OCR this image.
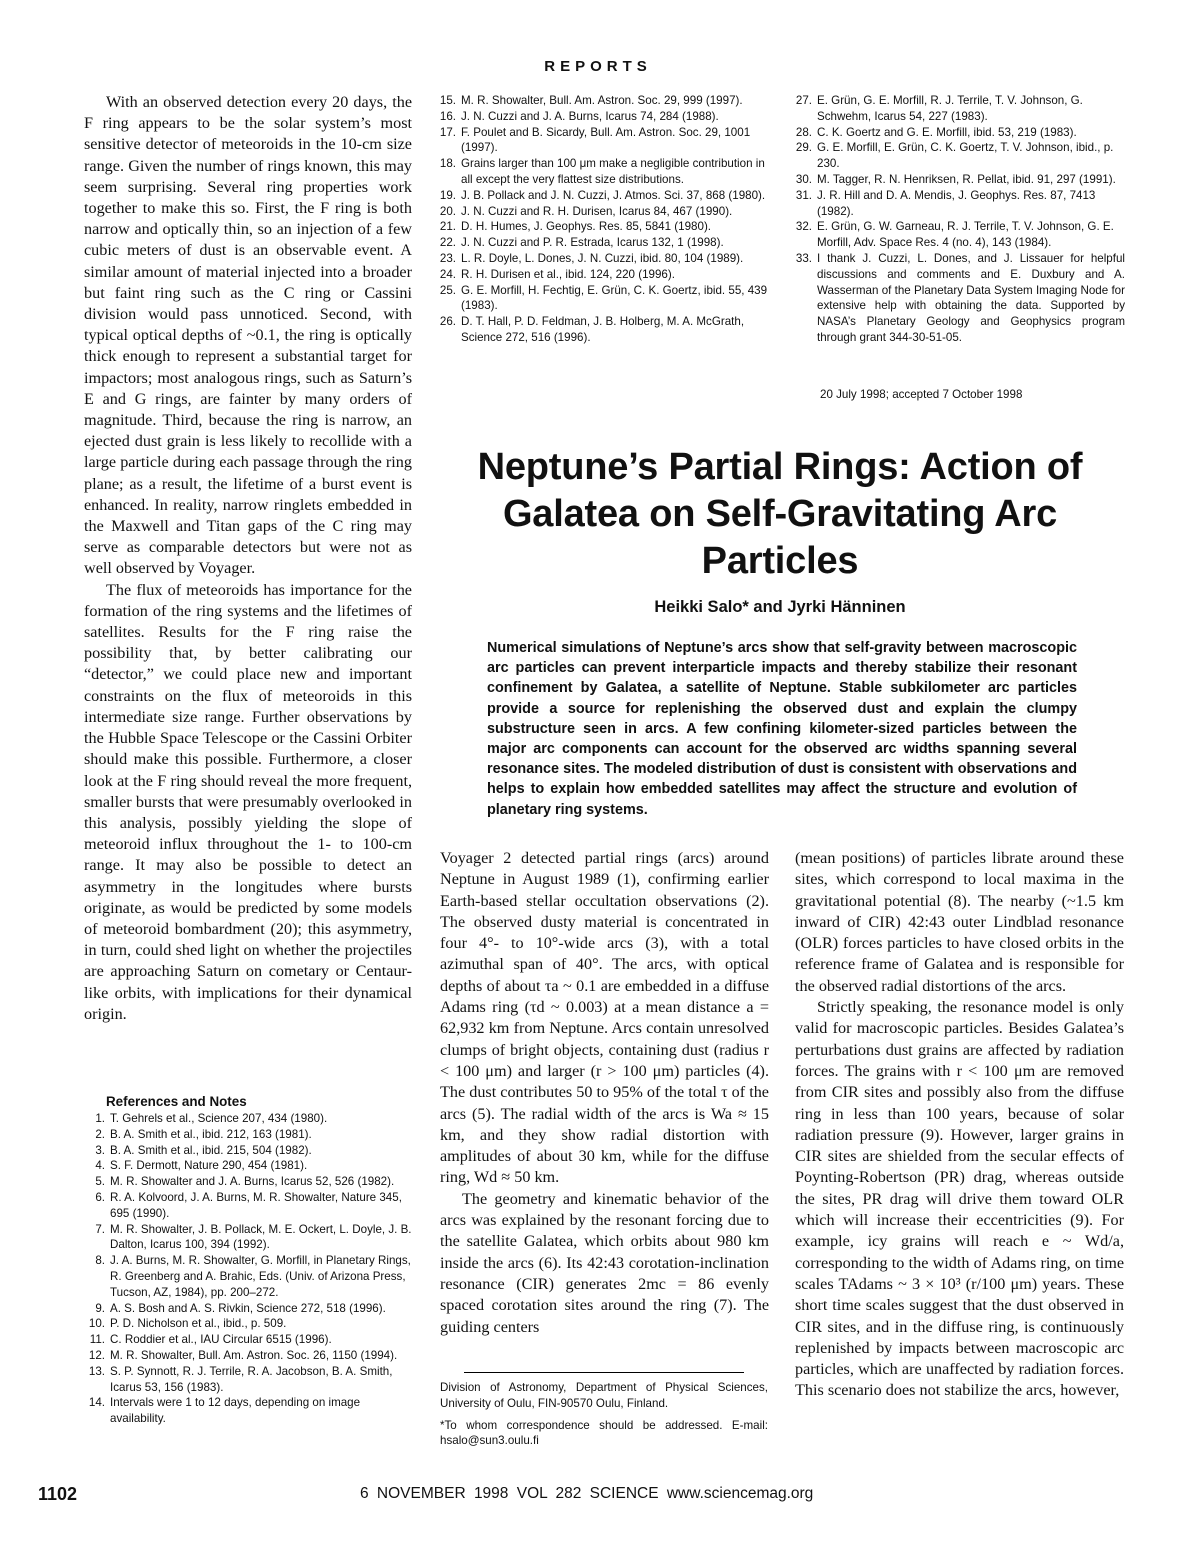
REPORTS

With an observed detection every 20 days, the F ring appears to be the solar system’s most sensitive detector of meteoroids in the 10-cm size range. Given the number of rings known, this may seem surprising. Several ring properties work together to make this so. First, the F ring is both narrow and optically thin, so an injection of a few cubic meters of dust is an observable event. A similar amount of material injected into a broader but faint ring such as the C ring or Cassini division would pass unnoticed. Second, with typical optical depths of ~0.1, the ring is optically thick enough to represent a substantial target for impactors; most analogous rings, such as Saturn’s E and G rings, are fainter by many orders of magnitude. Third, because the ring is narrow, an ejected dust grain is less likely to recollide with a large particle during each passage through the ring plane; as a result, the lifetime of a burst event is enhanced. In reality, narrow ringlets embedded in the Maxwell and Titan gaps of the C ring may serve as comparable detectors but were not as well observed by Voyager.

The flux of meteoroids has importance for the formation of the ring systems and the lifetimes of satellites. Results for the F ring raise the possibility that, by better calibrating our “detector,” we could place new and important constraints on the flux of meteoroids in this intermediate size range. Further observations by the Hubble Space Telescope or the Cassini Orbiter should make this possible. Furthermore, a closer look at the F ring should reveal the more frequent, smaller bursts that were presumably overlooked in this analysis, possibly yielding the slope of meteoroid influx throughout the 1- to 100-cm range. It may also be possible to detect an asymmetry in the longitudes where bursts originate, as would be predicted by some models of meteoroid bombardment (20); this asymmetry, in turn, could shed light on whether the projectiles are approaching Saturn on cometary or Centaur-like orbits, with implications for their dynamical origin.

References and Notes
1. T. Gehrels et al., Science 207, 434 (1980).
2. B. A. Smith et al., ibid. 212, 163 (1981).
3. B. A. Smith et al., ibid. 215, 504 (1982).
4. S. F. Dermott, Nature 290, 454 (1981).
5. M. R. Showalter and J. A. Burns, Icarus 52, 526 (1982).
6. R. A. Kolvoord, J. A. Burns, M. R. Showalter, Nature 345, 695 (1990).
7. M. R. Showalter, J. B. Pollack, M. E. Ockert, L. Doyle, J. B. Dalton, Icarus 100, 394 (1992).
8. J. A. Burns, M. R. Showalter, G. Morfill, in Planetary Rings, R. Greenberg and A. Brahic, Eds. (Univ. of Arizona Press, Tucson, AZ, 1984), pp. 200–272.
9. A. S. Bosh and A. S. Rivkin, Science 272, 518 (1996).
10. P. D. Nicholson et al., ibid., p. 509.
11. C. Roddier et al., IAU Circular 6515 (1996).
12. M. R. Showalter, Bull. Am. Astron. Soc. 26, 1150 (1994).
13. S. P. Synnott, R. J. Terrile, R. A. Jacobson, B. A. Smith, Icarus 53, 156 (1983).
14. Intervals were 1 to 12 days, depending on image availability.
15. M. R. Showalter, Bull. Am. Astron. Soc. 29, 999 (1997).
16. J. N. Cuzzi and J. A. Burns, Icarus 74, 284 (1988).
17. F. Poulet and B. Sicardy, Bull. Am. Astron. Soc. 29, 1001 (1997).
18. Grains larger than 100 μm make a negligible contribution in all except the very flattest size distributions.
19. J. B. Pollack and J. N. Cuzzi, J. Atmos. Sci. 37, 868 (1980).
20. J. N. Cuzzi and R. H. Durisen, Icarus 84, 467 (1990).
21. D. H. Humes, J. Geophys. Res. 85, 5841 (1980).
22. J. N. Cuzzi and P. R. Estrada, Icarus 132, 1 (1998).
23. L. R. Doyle, L. Dones, J. N. Cuzzi, ibid. 80, 104 (1989).
24. R. H. Durisen et al., ibid. 124, 220 (1996).
25. G. E. Morfill, H. Fechtig, E. Grün, C. K. Goertz, ibid. 55, 439 (1983).
26. D. T. Hall, P. D. Feldman, J. B. Holberg, M. A. McGrath, Science 272, 516 (1996).
27. E. Grün, G. E. Morfill, R. J. Terrile, T. V. Johnson, G. Schwehm, Icarus 54, 227 (1983).
28. C. K. Goertz and G. E. Morfill, ibid. 53, 219 (1983).
29. G. E. Morfill, E. Grün, C. K. Goertz, T. V. Johnson, ibid., p. 230.
30. M. Tagger, R. N. Henriksen, R. Pellat, ibid. 91, 297 (1991).
31. J. R. Hill and D. A. Mendis, J. Geophys. Res. 87, 7413 (1982).
32. E. Grün, G. W. Garneau, R. J. Terrile, T. V. Johnson, G. E. Morfill, Adv. Space Res. 4 (no. 4), 143 (1984).
33. I thank J. Cuzzi, L. Dones, and J. Lissauer for helpful discussions and comments and E. Duxbury and A. Wasserman of the Planetary Data System Imaging Node for extensive help with obtaining the data. Supported by NASA’s Planetary Geology and Geophysics program through grant 344-30-51-05.
20 July 1998; accepted 7 October 1998
Neptune’s Partial Rings: Action of Galatea on Self-Gravitating Arc Particles
Heikki Salo* and Jyrki Hänninen
Numerical simulations of Neptune’s arcs show that self-gravity between macroscopic arc particles can prevent interparticle impacts and thereby stabilize their resonant confinement by Galatea, a satellite of Neptune. Stable subkilometer arc particles provide a source for replenishing the observed dust and explain the clumpy substructure seen in arcs. A few confining kilometer-sized particles between the major arc components can account for the observed arc widths spanning several resonance sites. The modeled distribution of dust is consistent with observations and helps to explain how embedded satellites may affect the structure and evolution of planetary ring systems.

Voyager 2 detected partial rings (arcs) around Neptune in August 1989 (1), confirming earlier Earth-based stellar occultation observations (2). The observed dusty material is concentrated in four 4°- to 10°-wide arcs (3), with a total azimuthal span of 40°. The arcs, with optical depths of about τa ~ 0.1 are embedded in a diffuse Adams ring (τd ~ 0.003) at a mean distance a = 62,932 km from Neptune. Arcs contain unresolved clumps of bright objects, containing dust (radius r < 100 μm) and larger (r > 100 μm) particles (4). The dust contributes 50 to 95% of the total τ of the arcs (5). The radial width of the arcs is Wa ≈ 15 km, and they show radial distortion with amplitudes of about 30 km, while for the diffuse ring, Wd ≈ 50 km.

The geometry and kinematic behavior of the arcs was explained by the resonant forcing due to the satellite Galatea, which orbits about 980 km inside the arcs (6). Its 42:43 corotation-inclination resonance (CIR) generates 2mc = 86 evenly spaced corotation sites around the ring (7). The guiding centers

(mean positions) of particles librate around these sites, which correspond to local maxima in the gravitational potential (8). The nearby (~1.5 km inward of CIR) 42:43 outer Lindblad resonance (OLR) forces particles to have closed orbits in the reference frame of Galatea and is responsible for the observed radial distortions of the arcs.

Strictly speaking, the resonance model is only valid for macroscopic particles. Besides Galatea’s perturbations dust grains are affected by radiation forces. The grains with r < 100 μm are removed from CIR sites and possibly also from the diffuse ring in less than 100 years, because of solar radiation pressure (9). However, larger grains in CIR sites are shielded from the secular effects of Poynting-Robertson (PR) drag, whereas outside the sites, PR drag will drive them toward OLR which will increase their eccentricities (9). For example, icy grains will reach e ~ Wd/a, corresponding to the width of Adams ring, on time scales TAdams ~ 3 × 10³ (r/100 μm) years. These short time scales suggest that the dust observed in CIR sites, and in the diffuse ring, is continuously replenished by impacts between macroscopic arc particles, which are unaffected by radiation forces. This scenario does not stabilize the arcs, however,

Division of Astronomy, Department of Physical Sciences, University of Oulu, FIN-90570 Oulu, Finland.

*To whom correspondence should be addressed. E-mail: hsalo@sun3.oulu.fi

1102	6 NOVEMBER 1998 VOL 282 SCIENCE www.sciencemag.org
